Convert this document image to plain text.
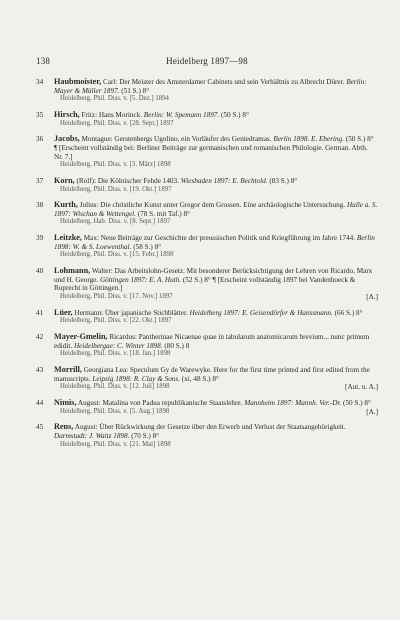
138	Heidelberg 1897—98
34	Haubmoister, Carl: Der Meister des Amsterdamer Cabinets und sein Verhältnis zu Albrecht Dürer. Berlin: Mayer & Müller 1897. (51 S.) 8°
Heidelberg, Phil. Diss. v. [5. Dez.] 1894
35	Hirsch, Fritz: Hans Morinck. Berlin: W. Spemann 1897. (50 S.) 8°
Heidelberg, Phil. Diss. v. [28. Sept.] 1897
36	Jacobs, Montague: Gerstenbergs Ugolino, ein Vorläufer des Geniedramas. Berlin 1898. E. Ebering. (50 S.) 8° ¶ [Erscheint vollständig bei: Berliner Beiträge zur germanischen und romanischen Philologie. German. Abth. Nr. 7.]
Heidelberg, Phil. Diss. v. [3. März] 1898
37	Korn, (Rolf): Die Kölnischer Fehde 1403. Wiesbaden 1897: E. Bechtold. (83 S.) 8°
Heidelberg, Phil. Diss. v. [19. Okt.] 1897
38	Kurth, Julius: Die christliche Kunst unter Gregor dem Grossen. Eine archäologische Untersuchung. Halle a. S. 1897: Wischan & Wettengel. (78 S. mit Taf.) 8°
Heidelberg, Hab. Diss. v. [8. Sept.] 1897
39	Leitzke, Max: Neue Beiträge zur Geschichte der preussischen Politik und Kriegführung im Jahre 1744. Berlin 1898: W. & S. Loewenthal. (58 S.) 8°
Heidelberg, Phil. Diss. v. [15. Febr.] 1898
40	Lohmann, Walter: Das Arbeitslohn-Gesetz. Mit besonderer Berücksichtigung der Lehren von Ricardo, Marx und H. George. Göttingen 1897: E. A. Huth. (52 S.) 8° ¶ [Erscheint vollständig 1897 bei Vandenhoeck & Ruprecht in Göttingen.]
Heidelberg, Phil. Diss. v. [17. Nov.] 1897	[A.]
41	Lüer, Hermann: Über japanische Stichblätter. Heidelberg 1897: E. Geisendörfer & Hanssmann. (66 S.) 8°
Heidelberg, Phil. Diss. v. [22. Okt.] 1897
42	Mayer-Gmelin, Ricardus: Pantherinae Nicaenae quae in tabularum anatomicarum brevium... nunc primum edidit. Heidelbergae: C. Winter 1898. (80 S.) 8
Heidelberg, Phil. Diss. v. [18. Jan.] 1898
43	Morrill, Georgiana Lea: Speculum Gy de Warewyke. Here for the first time printed and first edited from the manuscripts. Leipzig 1898: R. Clay & Sons. (xi, 48 S.) 8°
Heidelberg, Phil. Diss. v. [12. Juli] 1898	[Aut. u. A.]
44	Nimis, August: Matalina von Padua republikanische Staatslehre. Mannheim 1897: Mannh. Ver.-Dr. (50 S.) 8°
Heidelberg, Phil. Diss. v. [5. Aug.] 1898	[A.]
45	Rens, August: Über Rückwirkung der Gesetze über den Erwerb und Verlust der Staatsangehörigkeit. Darmstadt: J. Waitz 1898. (70 S.) 8°
Heidelberg, Phil. Diss. v. [21. Mai] 1898
